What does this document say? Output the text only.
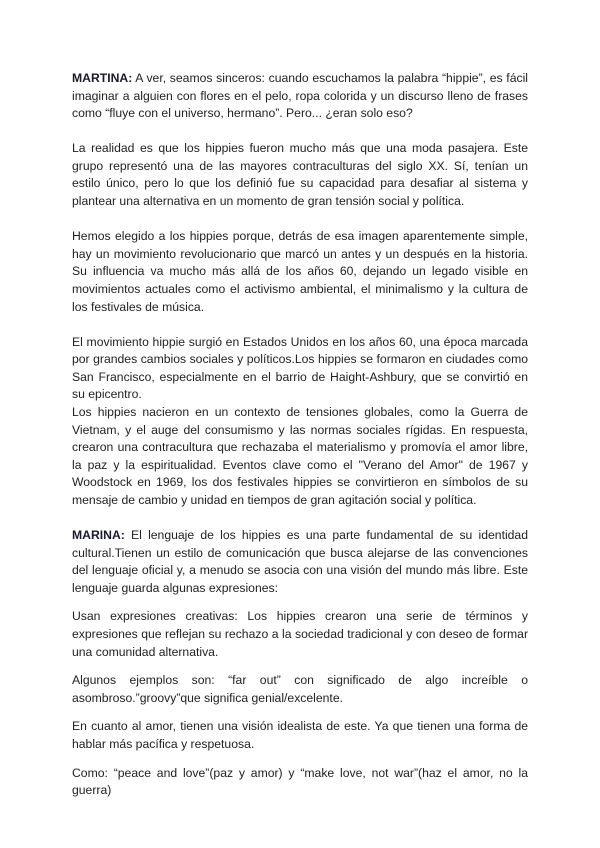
MARTINA: A ver, seamos sinceros: cuando escuchamos la palabra “hippie”, es fácil imaginar a alguien con flores en el pelo, ropa colorida y un discurso lleno de frases como “fluye con el universo, hermano”. Pero... ¿eran solo eso?

La realidad es que los hippies fueron mucho más que una moda pasajera. Este grupo representó una de las mayores contraculturas del siglo XX. Sí, tenían un estilo único, pero lo que los definió fue su capacidad para desafiar al sistema y plantear una alternativa en un momento de gran tensión social y política.

Hemos elegido a los hippies porque, detrás de esa imagen aparentemente simple, hay un movimiento revolucionario que marcó un antes y un después en la historia. Su influencia va mucho más allá de los años 60, dejando un legado visible en movimientos actuales como el activismo ambiental, el minimalismo y la cultura de los festivales de música.

El movimiento hippie surgió en Estados Unidos en los años 60, una época marcada por grandes cambios sociales y políticos.Los hippies se formaron en ciudades como San Francisco, especialmente en el barrio de Haight-Ashbury, que se convirtió en su epicentro.

Los hippies nacieron en un contexto de tensiones globales, como la Guerra de Vietnam, y el auge del consumismo y las normas sociales rígidas. En respuesta, crearon una contracultura que rechazaba el materialismo y promovía el amor libre, la paz y la espiritualidad. Eventos clave como el "Verano del Amor" de 1967 y Woodstock en 1969, los dos festivales hippies se convirtieron en símbolos de su mensaje de cambio y unidad en tiempos de gran agitación social y política.

MARINA: El lenguaje de los hippies es una parte fundamental de su identidad cultural.Tienen un estilo de comunicación que busca alejarse de las convenciones del lenguaje oficial y, a menudo se asocia con una visión del mundo más libre. Este lenguaje guarda algunas expresiones:

Usan expresiones creativas: Los hippies crearon una serie de términos y expresiones que reflejan su rechazo a la sociedad tradicional y con deseo de formar una comunidad alternativa.

Algunos ejemplos son: “far out” con significado de algo increíble o asombroso.”groovy”que significa genial/excelente.

En cuanto al amor, tienen una visión idealista de este. Ya que tienen una forma de hablar más pacífica y respetuosa.

Como: “peace and love”(paz y amor) y “make love, not war”(haz el amor, no la guerra)
